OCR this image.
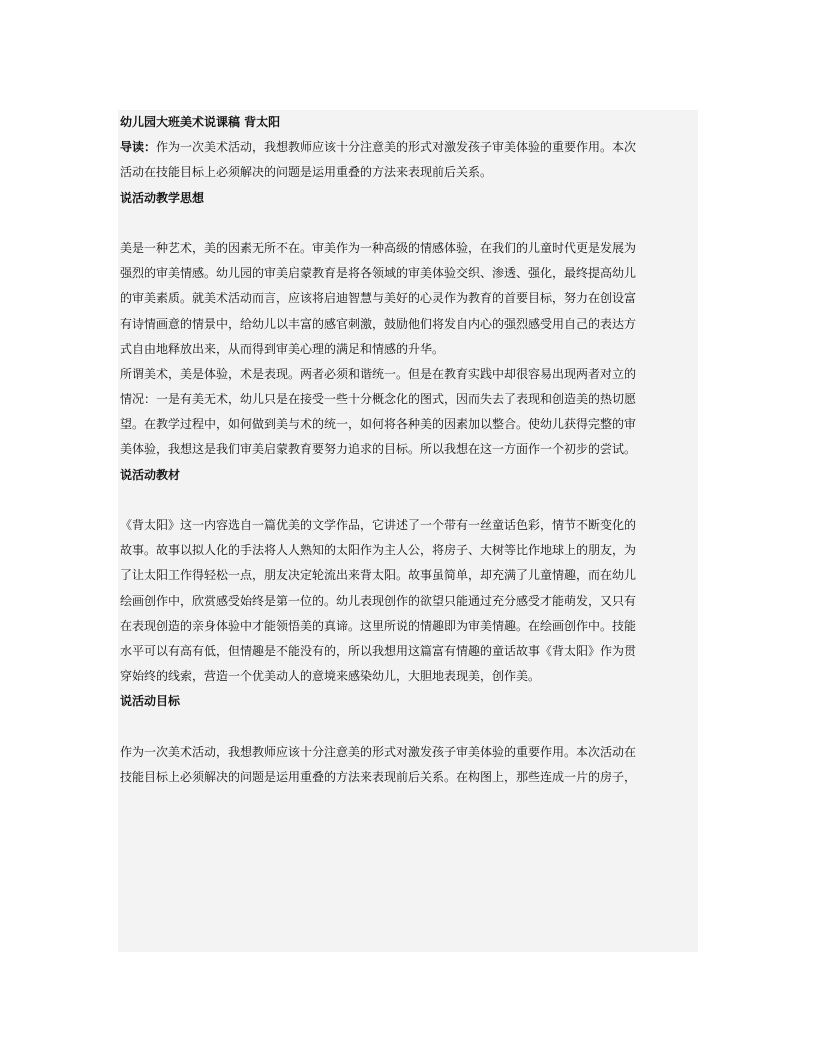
幼儿园大班美术说课稿 背太阳
导读：作为一次美术活动，我想教师应该十分注意美的形式对激发孩子审美体验的重要作用。本次
活动在技能目标上必须解决的问题是运用重叠的方法来表现前后关系。
说活动教学思想
美是一种艺术，美的因素无所不在。审美作为一种高级的情感体验，在我们的儿童时代更是发展为
强烈的审美情感。幼儿园的审美启蒙教育是将各领域的审美体验交织、渗透、强化，最终提高幼儿
的审美素质。就美术活动而言，应该将启迪智慧与美好的心灵作为教育的首要目标，努力在创设富
有诗情画意的情景中，给幼儿以丰富的感官刺激，鼓励他们将发自内心的强烈感受用自己的表达方
式自由地释放出来，从而得到审美心理的满足和情感的升华。
所谓美术，美是体验，术是表现。两者必须和谐统一。但是在教育实践中却很容易出现两者对立的
情况：一是有美无术，幼儿只是在接受一些十分概念化的图式，因而失去了表现和创造美的热切愿
望。在教学过程中，如何做到美与术的统一，如何将各种美的因素加以整合。使幼儿获得完整的审
美体验，我想这是我们审美启蒙教育要努力追求的目标。所以我想在这一方面作一个初步的尝试。
说活动教材
《背太阳》这一内容选自一篇优美的文学作品，它讲述了一个带有一丝童话色彩，情节不断变化的
故事。故事以拟人化的手法将人人熟知的太阳作为主人公，将房子、大树等比作地球上的朋友，为
了让太阳工作得轻松一点，朋友决定轮流出来背太阳。故事虽简单，却充满了儿童情趣，而在幼儿
绘画创作中，欣赏感受始终是第一位的。幼儿表现创作的欲望只能通过充分感受才能萌发，又只有
在表现创造的亲身体验中才能领悟美的真谛。这里所说的情趣即为审美情趣。在绘画创作中。技能
水平可以有高有低，但情趣是不能没有的，所以我想用这篇富有情趣的童话故事《背太阳》作为贯
穿始终的线索，营造一个优美动人的意境来感染幼儿，大胆地表现美，创作美。
说活动目标
作为一次美术活动，我想教师应该十分注意美的形式对激发孩子审美体验的重要作用。本次活动在
技能目标上必须解决的问题是运用重叠的方法来表现前后关系。在构图上，那些连成一片的房子，
